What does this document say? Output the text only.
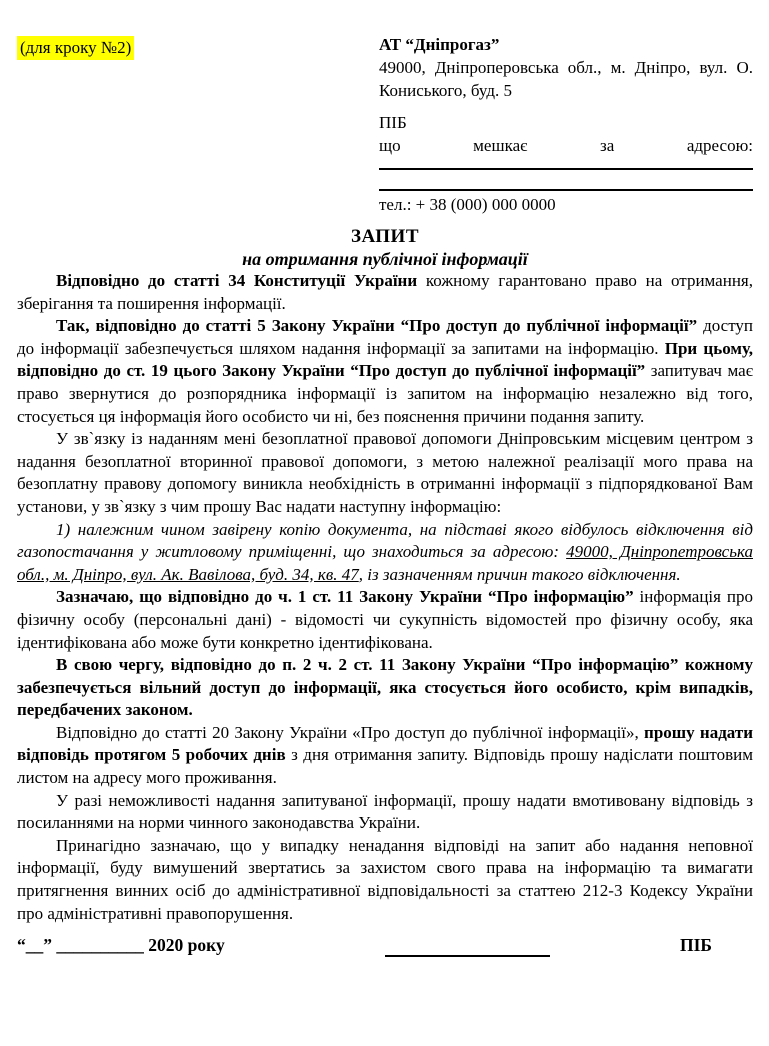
(для кроку №2)	АТ “Дніпрогаз”
49000, Дніпроперовська обл., м. Дніпро, вул. О. Кониського, буд. 5
ПІБ
що мешкає за адресою:
тел.: + 38 (000) 000 0000
ЗАПИТ
на отримання публічної інформації

Відповідно до статті 34 Конституції України кожному гарантовано право на отримання, зберігання та поширення інформації.

Так, відповідно до статті 5 Закону України “Про доступ до публічної інформації” доступ до інформації забезпечується шляхом надання інформації за запитами на інформацію. При цьому, відповідно до ст. 19 цього Закону України “Про доступ до публічної інформації” запитувач має право звернутися до розпорядника інформації із запитом на інформацію незалежно від того, стосується ця інформація його особисто чи ні, без пояснення причини подання запиту.

У зв`язку із наданням мені безоплатної правової допомоги Дніпровським місцевим центром з надання безоплатної вторинної правової допомоги, з метою належної реалізації мого права на безоплатну правову допомогу виникла необхідність в отриманні інформації з підпорядкованої Вам установи, у зв`язку з чим прошу Вас надати наступну інформацію:

1) належним чином завірену копію документа, на підставі якого відбулось відключення від газопостачання у житловому приміщенні, що знаходиться за адресою: 49000, Дніпропетровська обл., м. Дніпро, вул. Ак. Вавілова, буд. 34, кв. 47, із зазначенням причин такого відключення.

Зазначаю, що відповідно до ч. 1 ст. 11 Закону України “Про інформацію” інформація про фізичну особу (персональні дані) - відомості чи сукупність відомостей про фізичну особу, яка ідентифікована або може бути конкретно ідентифікована.

В свою чергу, відповідно до п. 2 ч. 2 ст. 11 Закону України “Про інформацію” кожному забезпечується вільний доступ до інформації, яка стосується його особисто, крім випадків, передбачених законом.

Відповідно до статті 20 Закону України «Про доступ до публічної інформації», прошу надати відповідь протягом 5 робочих днів з дня отримання запиту. Відповідь прошу надіслати поштовим листом на адресу мого проживання.

У разі неможливості надання запитуваної інформації, прошу надати вмотивовану відповідь з посиланнями на норми чинного законодавства України.

Принагідно зазначаю, що у випадку ненадання відповіді на запит або надання неповної інформації, буду вимушений звертатись за захистом свого права на інформацію та вимагати притягнення винних осіб до адміністративної відповідальності за статтею 212-3 Кодексу України про адміністративні правопорушення.

“__” __________ 2020 року	ПІБ
